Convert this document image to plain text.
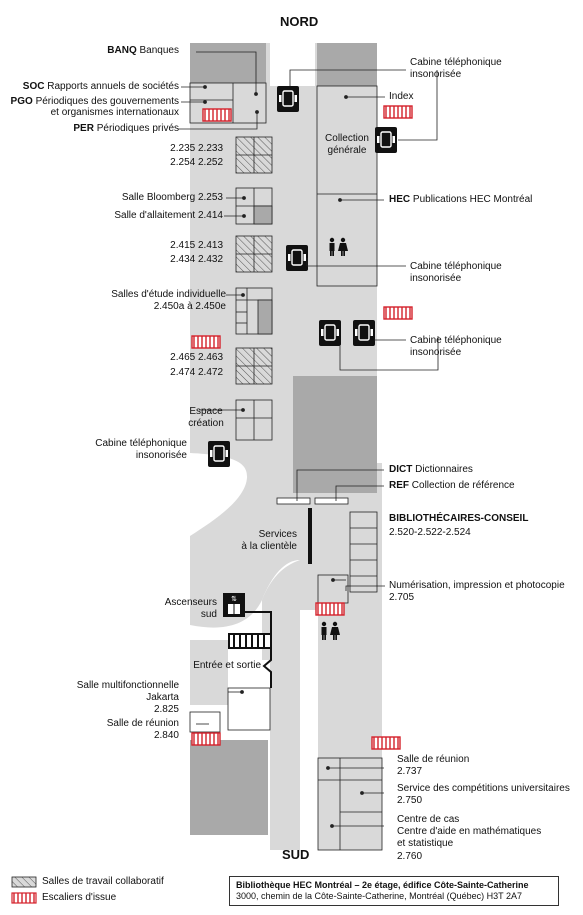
⇅
NORD
SUD
BANQ Banques
SOC Rapports annuels de sociétés
PGO Périodiques des gouvernements
et organismes internationaux
PER Périodiques privés
2.235 2.233
2.254 2.252
Salle Bloomberg 2.253
Salle d'allaitement 2.414
2.415 2.413
2.434 2.432
Salles d'étude individuelle
2.450a à 2.450e
2.465 2.463
2.474 2.472
Espace
création
Cabine téléphonique
insonorisée
Services
à la clientèle
Ascenseurs
sud
Entrée et sortie
Salle multifonctionnelle
Jakarta
2.825
Salle de réunion
2.840
Cabine téléphonique
insonorisée
Index
Collection
générale
HEC Publications HEC Montréal
Cabine téléphonique
insonorisée
Cabine téléphonique
insonorisée
DICT Dictionnaires
REF Collection de référence
BIBLIOTHÉCAIRES-CONSEIL
2.520-2.522-2.524
Numérisation, impression et photocopie
2.705
Salle de réunion
2.737
Service des compétitions universitaires
2.750
Centre de cas
Centre d'aide en mathématiques
et statistique
2.760
Salles de travail collaboratif
Escaliers d'issue
Bibliothèque HEC Montréal – 2e étage, édifice Côte-Sainte-Catherine
3000, chemin de la Côte-Sainte-Catherine, Montréal (Québec) H3T 2A7
